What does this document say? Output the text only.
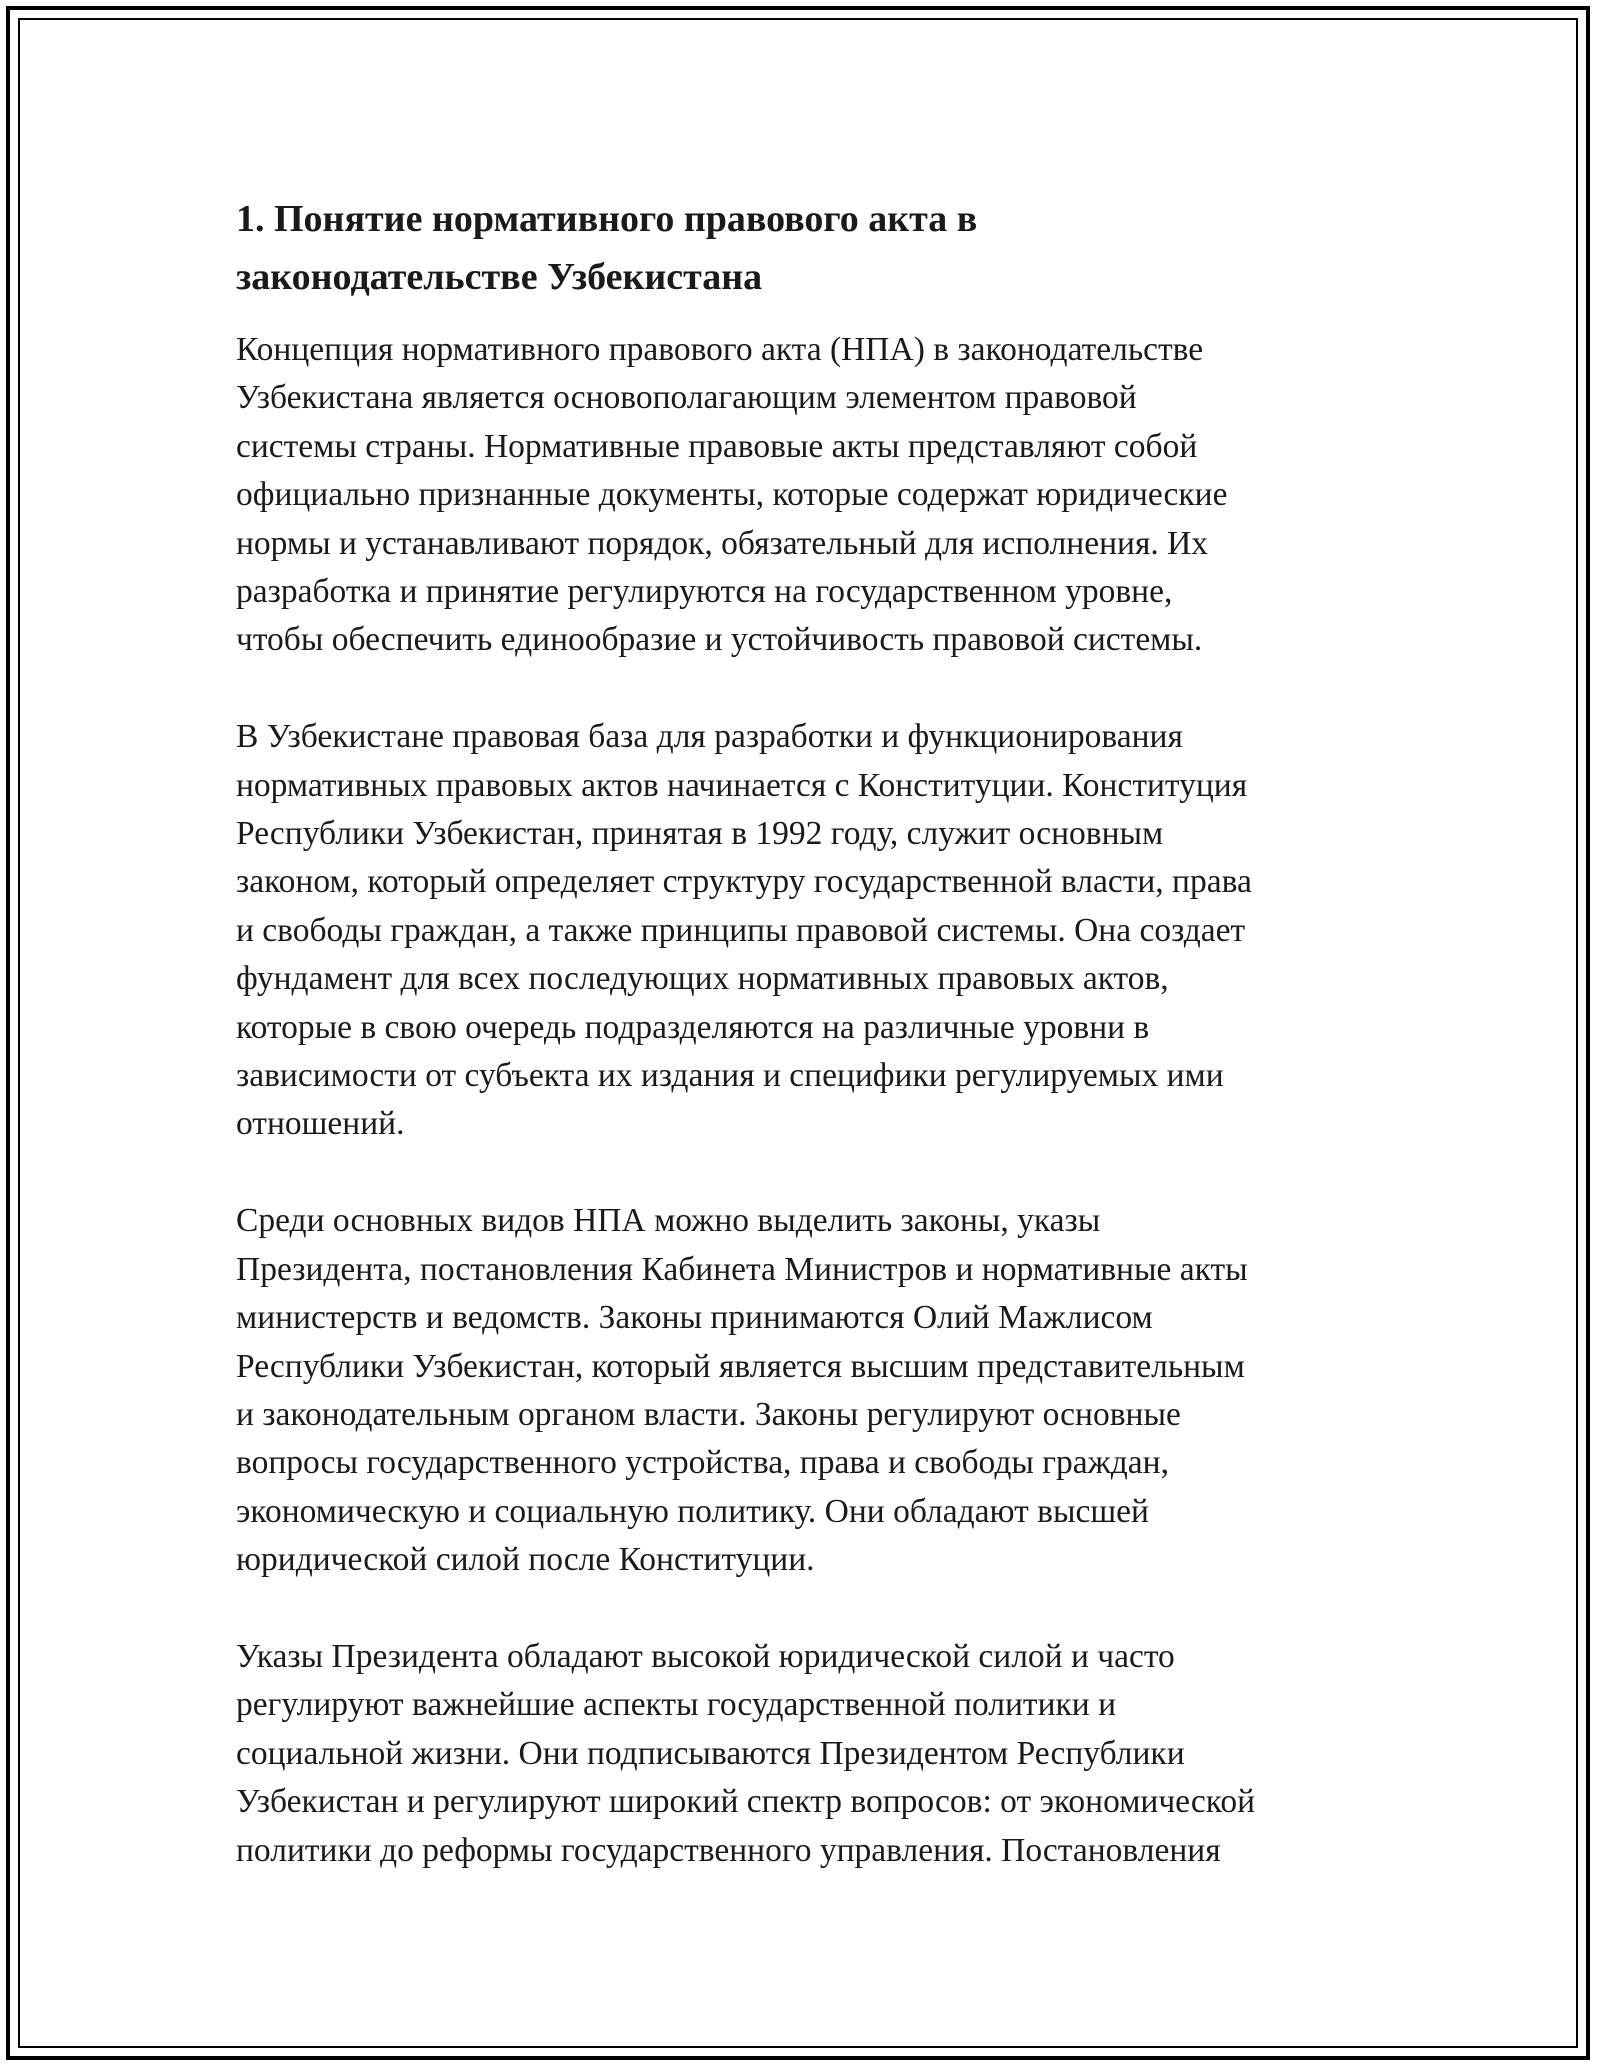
1. Понятие нормативного правового акта в
законодательстве Узбекистана

Концепция нормативного правового акта (НПА) в законодательстве
Узбекистана является основополагающим элементом правовой
системы страны. Нормативные правовые акты представляют собой
официально признанные документы, которые содержат юридические
нормы и устанавливают порядок, обязательный для исполнения. Их
разработка и принятие регулируются на государственном уровне,
чтобы обеспечить единообразие и устойчивость правовой системы.

В Узбекистане правовая база для разработки и функционирования
нормативных правовых актов начинается с Конституции. Конституция
Республики Узбекистан, принятая в 1992 году, служит основным
законом, который определяет структуру государственной власти, права
и свободы граждан, а также принципы правовой системы. Она создает
фундамент для всех последующих нормативных правовых актов,
которые в свою очередь подразделяются на различные уровни в
зависимости от субъекта их издания и специфики регулируемых ими
отношений.

Среди основных видов НПА можно выделить законы, указы
Президента, постановления Кабинета Министров и нормативные акты
министерств и ведомств. Законы принимаются Олий Мажлисом
Республики Узбекистан, который является высшим представительным
и законодательным органом власти. Законы регулируют основные
вопросы государственного устройства, права и свободы граждан,
экономическую и социальную политику. Они обладают высшей
юридической силой после Конституции.

Указы Президента обладают высокой юридической силой и часто
регулируют важнейшие аспекты государственной политики и
социальной жизни. Они подписываются Президентом Республики
Узбекистан и регулируют широкий спектр вопросов: от экономической
политики до реформы государственного управления. Постановления
